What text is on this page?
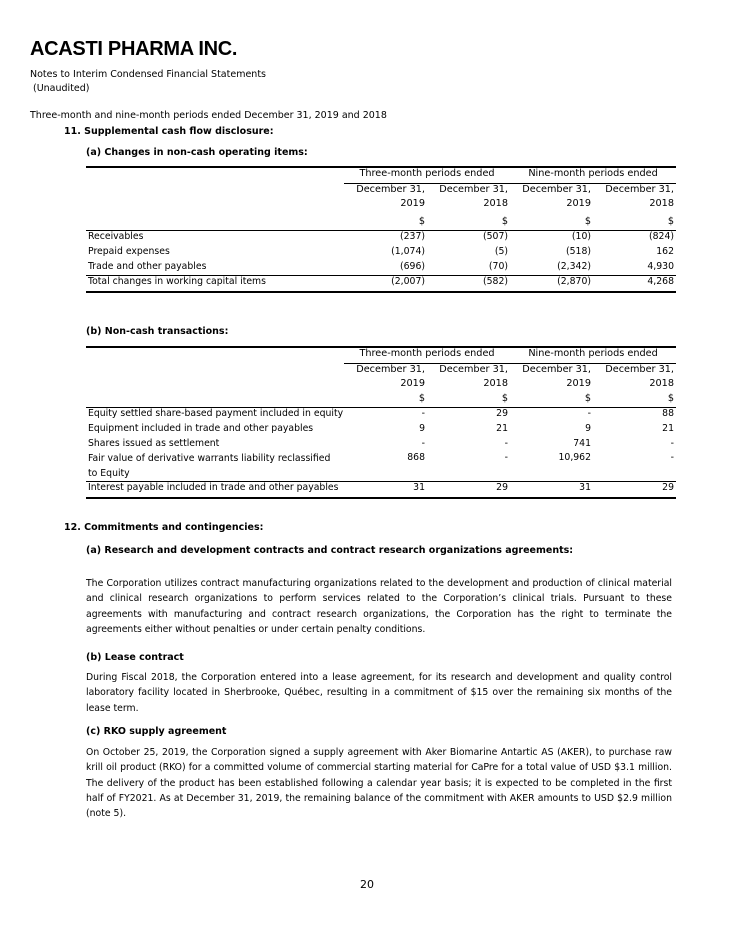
ACASTI PHARMA INC.
Notes to Interim Condensed Financial Statements
(Unaudited)
Three-month and nine-month periods ended December 31, 2019 and 2018
11. Supplemental cash flow disclosure:
(a) Changes in non-cash operating items:
	Three-month periods ended		Nine-month periods ended	
	December 31,	December 31,	December 31,	December 31,
	2019	2018	2019	2018
	$	$	$	$
Receivables	(237)	(507)	(10)	(824)
Prepaid expenses	(1,074)	(5)	(518)	162
Trade and other payables	(696)	(70)	(2,342)	4,930
Total changes in working capital items	(2,007)	(582)	(2,870)	4,268
(b) Non-cash transactions:
	Three-month periods ended		Nine-month periods ended	
	December 31,	December 31,	December 31,	December 31,
	2019	2018	2019	2018
	$	$	$	$
Equity settled share-based payment included in equity	-	29	-	88
Equipment included in trade and other payables	9	21	9	21
Shares issued as settlement	-	-	741	-
Fair value of derivative warrants liability reclassified to Equity	868	-	10,962	-
Interest payable included in trade and other payables	31	29	31	29
12. Commitments and contingencies:
(a) Research and development contracts and contract research organizations agreements:
The Corporation utilizes contract manufacturing organizations related to the development and production of clinical material and clinical research organizations to perform services related to the Corporation’s clinical trials. Pursuant to these agreements with manufacturing and contract research organizations, the Corporation has the right to terminate the agreements either without penalties or under certain penalty conditions.
(b) Lease contract
During Fiscal 2018, the Corporation entered into a lease agreement, for its research and development and quality control laboratory facility located in Sherbrooke, Québec, resulting in a commitment of $15 over the remaining six months of the lease term.
(c) RKO supply agreement
On October 25, 2019, the Corporation signed a supply agreement with Aker Biomarine Antartic AS (AKER), to purchase raw krill oil product (RKO) for a committed volume of commercial starting material for CaPre for a total value of USD $3.1 million. The delivery of the product has been established following a calendar year basis; it is expected to be completed in the first half of FY2021. As at December 31, 2019, the remaining balance of the commitment with AKER amounts to USD $2.9 million (note 5).
20
